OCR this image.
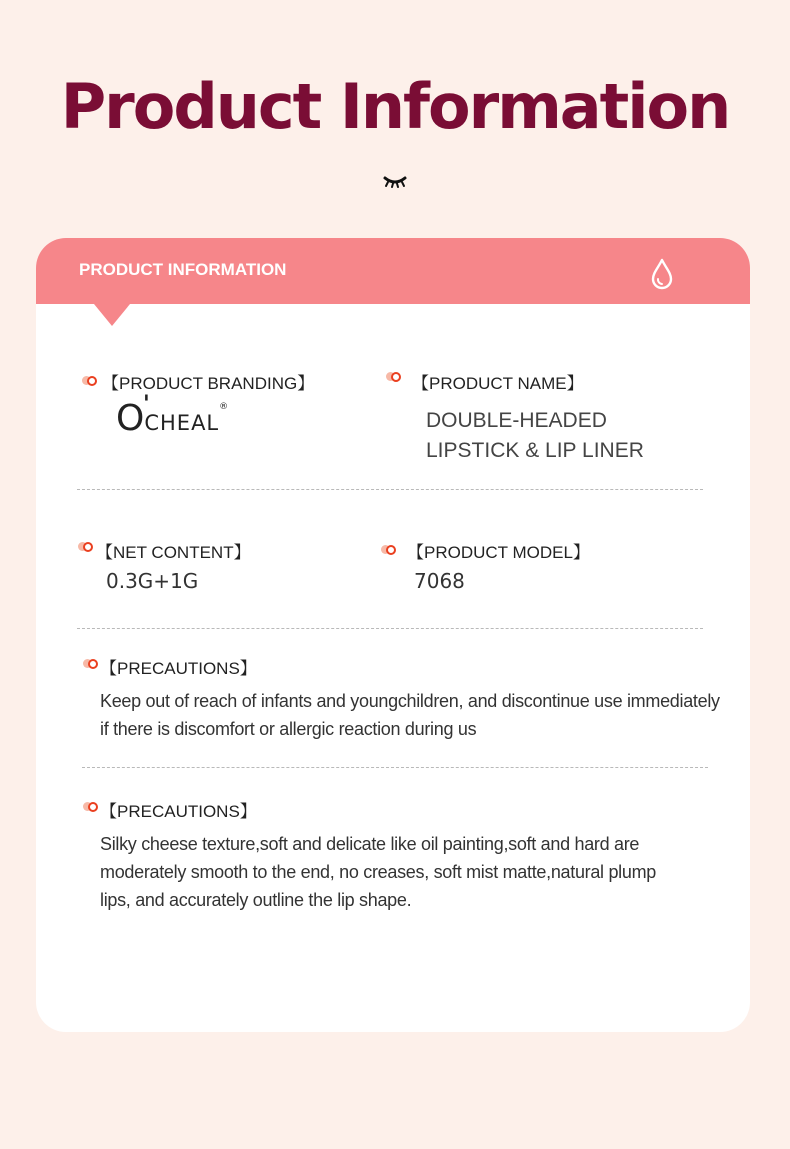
Product Information
PRODUCT INFORMATION
【PRODUCT BRANDING】
O
'
CHEAL®
【PRODUCT NAME】
DOUBLE-HEADED
LIPSTICK & LIP LINER
【NET CONTENT】
0.3G+1G
【PRODUCT MODEL】
7068
【PRECAUTIONS】
Keep out of reach of infants and youngchildren, and discontinue use immediately
if there is discomfort or allergic reaction during us
【PRECAUTIONS】
Silky cheese texture,soft and delicate like oil painting,soft and hard are
moderately smooth to the end, no creases, soft mist matte,natural plump
lips, and accurately outline the lip shape.
